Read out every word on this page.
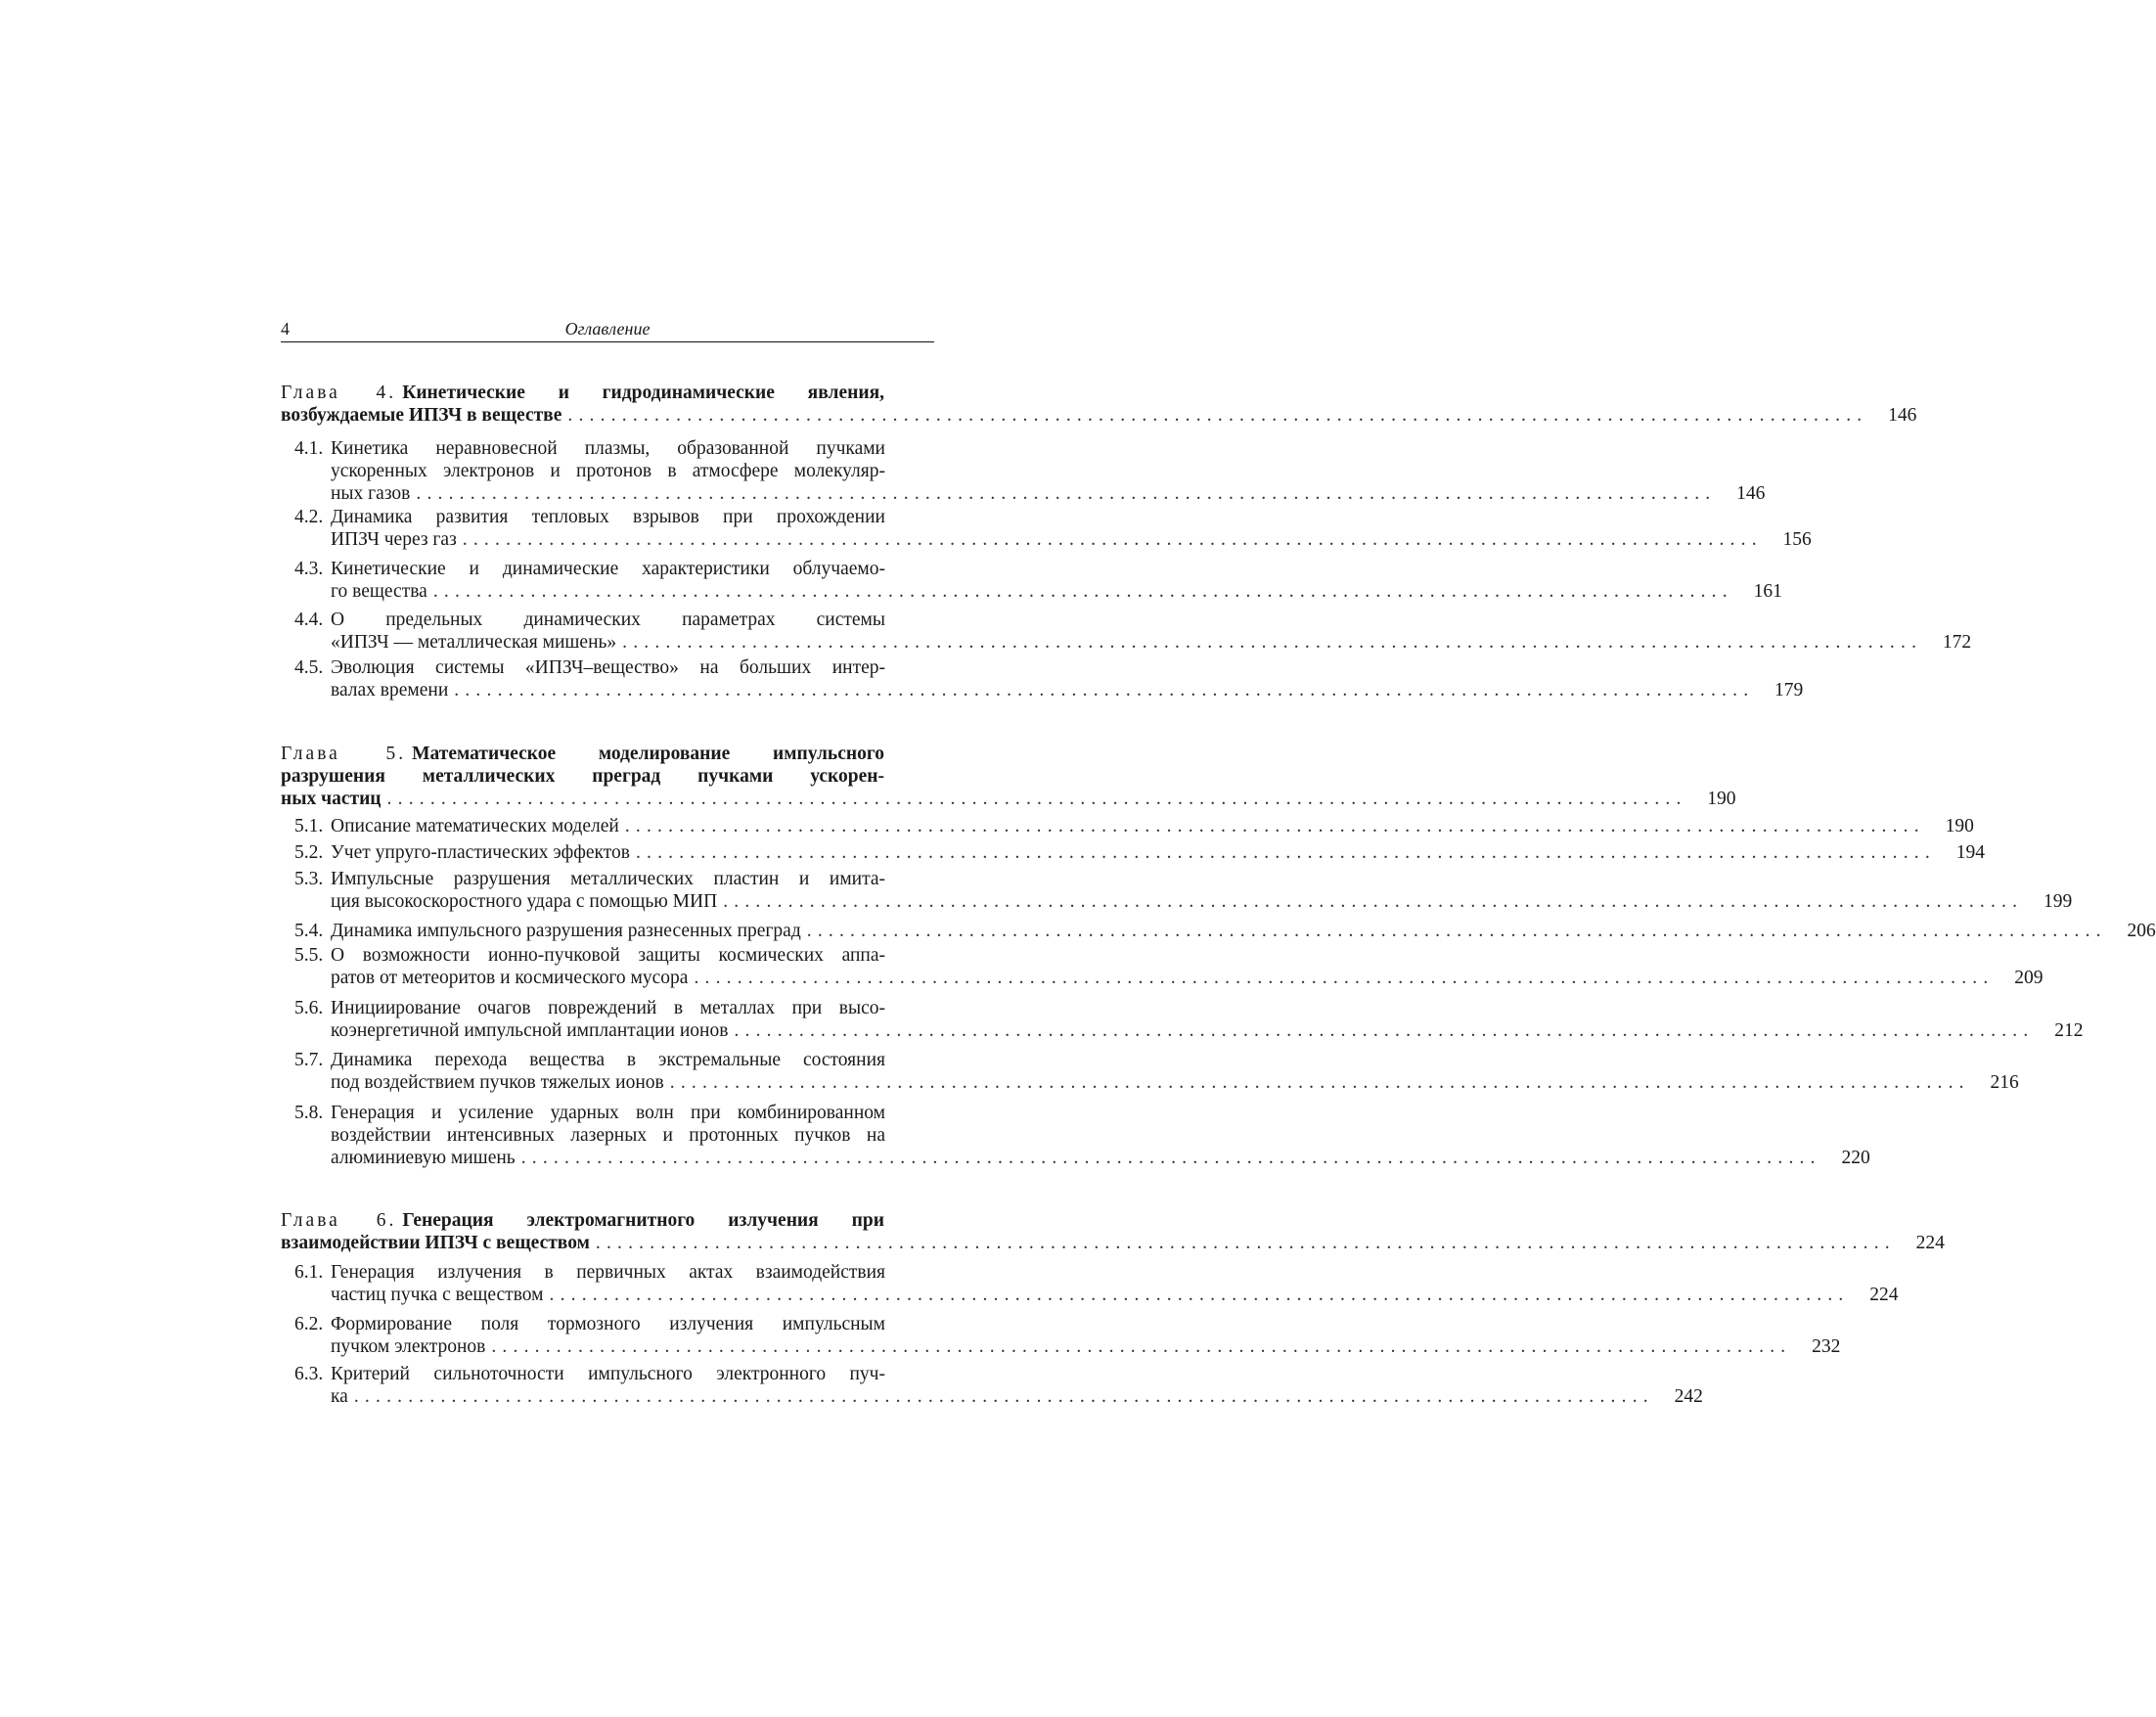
4	Оглавление
Глава 4. Кинетические и гидродинамические явления,
возбуждаемые ИПЗЧ в веществе ........................................................................................................................	146
4.1. Кинетика неравновесной плазмы, образованной пучками
ускоренных электронов и протонов в атмосфере молекуляр-
ных газов ........................................................................................................................	146
4.2. Динамика развития тепловых взрывов при прохождении
ИПЗЧ через газ ........................................................................................................................	156
4.3. Кинетические и динамические характеристики облучаемо-
го вещества ........................................................................................................................	161
4.4. О предельных динамических параметрах системы
«ИПЗЧ — металлическая мишень» ........................................................................................................................	172
4.5. Эволюция системы «ИПЗЧ–вещество» на больших интер-
валах времени ........................................................................................................................	179
Глава 5. Математическое моделирование импульсного
разрушения металлических преград пучками ускорен-
ных частиц ........................................................................................................................	190
5.1. Описание математических моделей ........................................................................................................................	190
5.2. Учет упруго-пластических эффектов ........................................................................................................................	194
5.3. Импульсные разрушения металлических пластин и имита-
ция высокоскоростного удара с помощью МИП ........................................................................................................................	199
5.4. Динамика импульсного разрушения разнесенных преград ........................................................................................................................	206
5.5. О возможности ионно-пучковой защиты космических аппа-
ратов от метеоритов и космического мусора ........................................................................................................................	209
5.6. Инициирование очагов повреждений в металлах при высо-
коэнергетичной импульсной имплантации ионов ........................................................................................................................	212
5.7. Динамика перехода вещества в экстремальные состояния
под воздействием пучков тяжелых ионов ........................................................................................................................	216
5.8. Генерация и усиление ударных волн при комбинированном
воздействии интенсивных лазерных и протонных пучков на
алюминиевую мишень ........................................................................................................................	220
Глава 6. Генерация электромагнитного излучения при
взаимодействии ИПЗЧ с веществом ........................................................................................................................	224
6.1. Генерация излучения в первичных актах взаимодействия
частиц пучка с веществом ........................................................................................................................	224
6.2. Формирование поля тормозного излучения импульсным
пучком электронов ........................................................................................................................	232
6.3. Критерий сильноточности импульсного электронного пуч-
ка ........................................................................................................................	242
